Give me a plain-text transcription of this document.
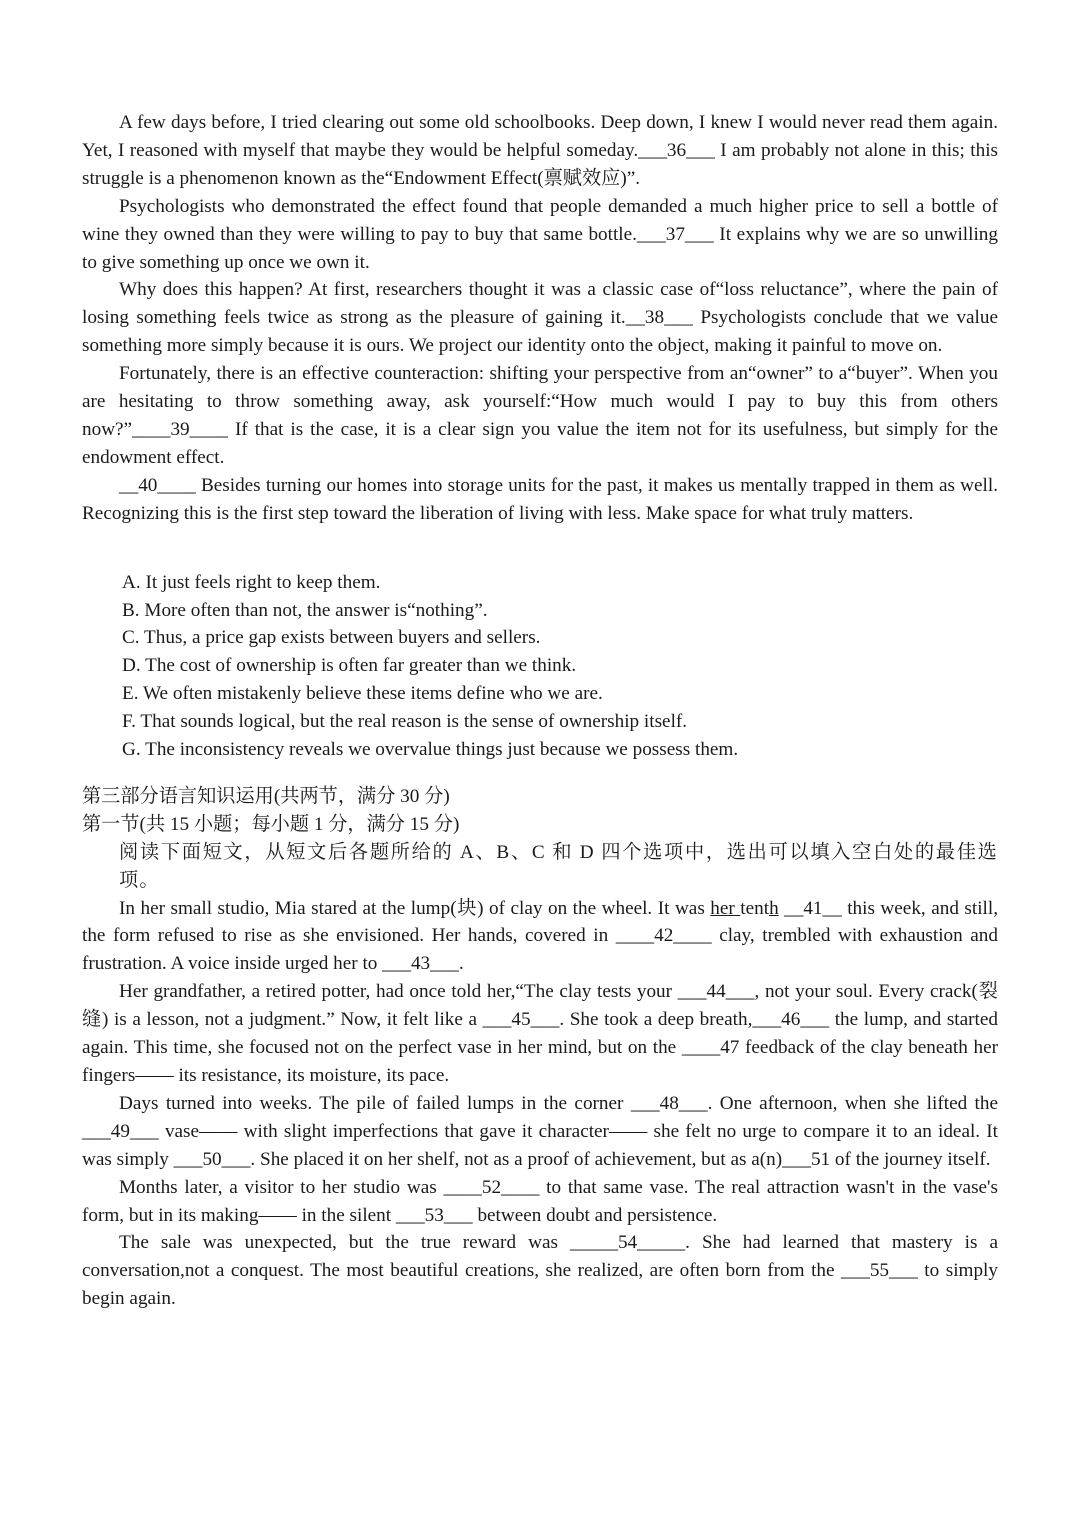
A few days before, I tried clearing out some old schoolbooks. Deep down, I knew I would never read them again. Yet, I reasoned with myself that maybe they would be helpful someday.___36___ I am probably not alone in this; this struggle is a phenomenon known as the“Endowment Effect(禀赋效应)”.

Psychologists who demonstrated the effect found that people demanded a much higher price to sell a bottle of wine they owned than they were willing to pay to buy that same bottle.___37___ It explains why we are so unwilling to give something up once we own it.

Why does this happen? At first, researchers thought it was a classic case of“loss reluctance”, where the pain of losing something feels twice as strong as the pleasure of gaining it.__38___ Psychologists conclude that we value something more simply because it is ours. We project our identity onto the object, making it painful to move on.

Fortunately, there is an effective counteraction: shifting your perspective from an“owner” to a“buyer”. When you are hesitating to throw something away, ask yourself:“How much would I pay to buy this from others now?”____39____ If that is the case, it is a clear sign you value the item not for its usefulness, but simply for the endowment effect.

__40____ Besides turning our homes into storage units for the past, it makes us mentally trapped in them as well. Recognizing this is the first step toward the liberation of living with less. Make space for what truly matters.

A. It just feels right to keep them.

B. More often than not, the answer is“nothing”.

C. Thus, a price gap exists between buyers and sellers.

D. The cost of ownership is often far greater than we think.

E. We often mistakenly believe these items define who we are.

F. That sounds logical, but the real reason is the sense of ownership itself.

G. The inconsistency reveals we overvalue things just because we possess them.

第三部分语言知识运用(共两节，满分 30 分)

第一节(共 15 小题；每小题 1 分，满分 15 分)

阅读下面短文，从短文后各题所给的 A、B、C 和 D 四个选项中，选出可以填入空白处的最佳选项。

In her small studio, Mia stared at the lump(块) of clay on the wheel. It was her tenth __41__ this week, and still, the form refused to rise as she envisioned. Her hands, covered in ____42____ clay, trembled with exhaustion and frustration. A voice inside urged her to ___43___.

Her grandfather, a retired potter, had once told her,“The clay tests your ___44___, not your soul. Every crack(裂缝) is a lesson, not a judgment.” Now, it felt like a ___45___. She took a deep breath,___46___ the lump, and started again. This time, she focused not on the perfect vase in her mind, but on the ____47 feedback of the clay beneath her fingers—— its resistance, its moisture, its pace.

Days turned into weeks. The pile of failed lumps in the corner ___48___. One afternoon, when she lifted the ___49___ vase—— with slight imperfections that gave it character—— she felt no urge to compare it to an ideal. It was simply ___50___. She placed it on her shelf, not as a proof of achievement, but as a(n)___51 of the journey itself.

Months later, a visitor to her studio was ____52____ to that same vase. The real attraction wasn't in the vase's form, but in its making—— in the silent ___53___ between doubt and persistence.

The sale was unexpected, but the true reward was _____54_____. She had learned that mastery is a conversation,not a conquest. The most beautiful creations, she realized, are often born from the ___55___ to simply begin again.
